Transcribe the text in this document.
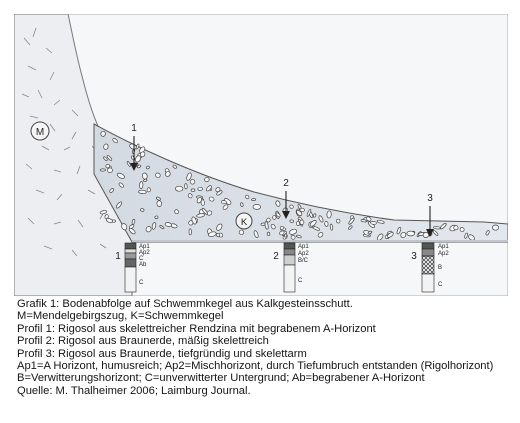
M
K
1
2
3
1
Ap1
Ap2
C
Ab
C
2
Ap1
Ap2
B/C
C
3
Ap1
Ap2
B
C
Grafik 1: Bodenabfolge auf Schwemmkegel aus Kalkgesteinsschutt.
M=Mendelgebirgszug, K=Schwemmkegel
Profil 1: Rigosol aus skelettreicher Rendzina mit begrabenem A-Horizont
Profil 2: Rigosol aus Braunerde, mäßig skelettreich
Profil 3: Rigosol aus Braunerde, tiefgründig und skelettarm
Ap1=A Horizont, humusreich; Ap2=Mischhorizont, durch Tiefumbruch entstanden (Rigolhorizont)
B=Verwitterungshorizont; C=unverwitterter Untergrund; Ab=begrabener A-Horizont
Quelle: M. Thalheimer 2006; Laimburg Journal.
